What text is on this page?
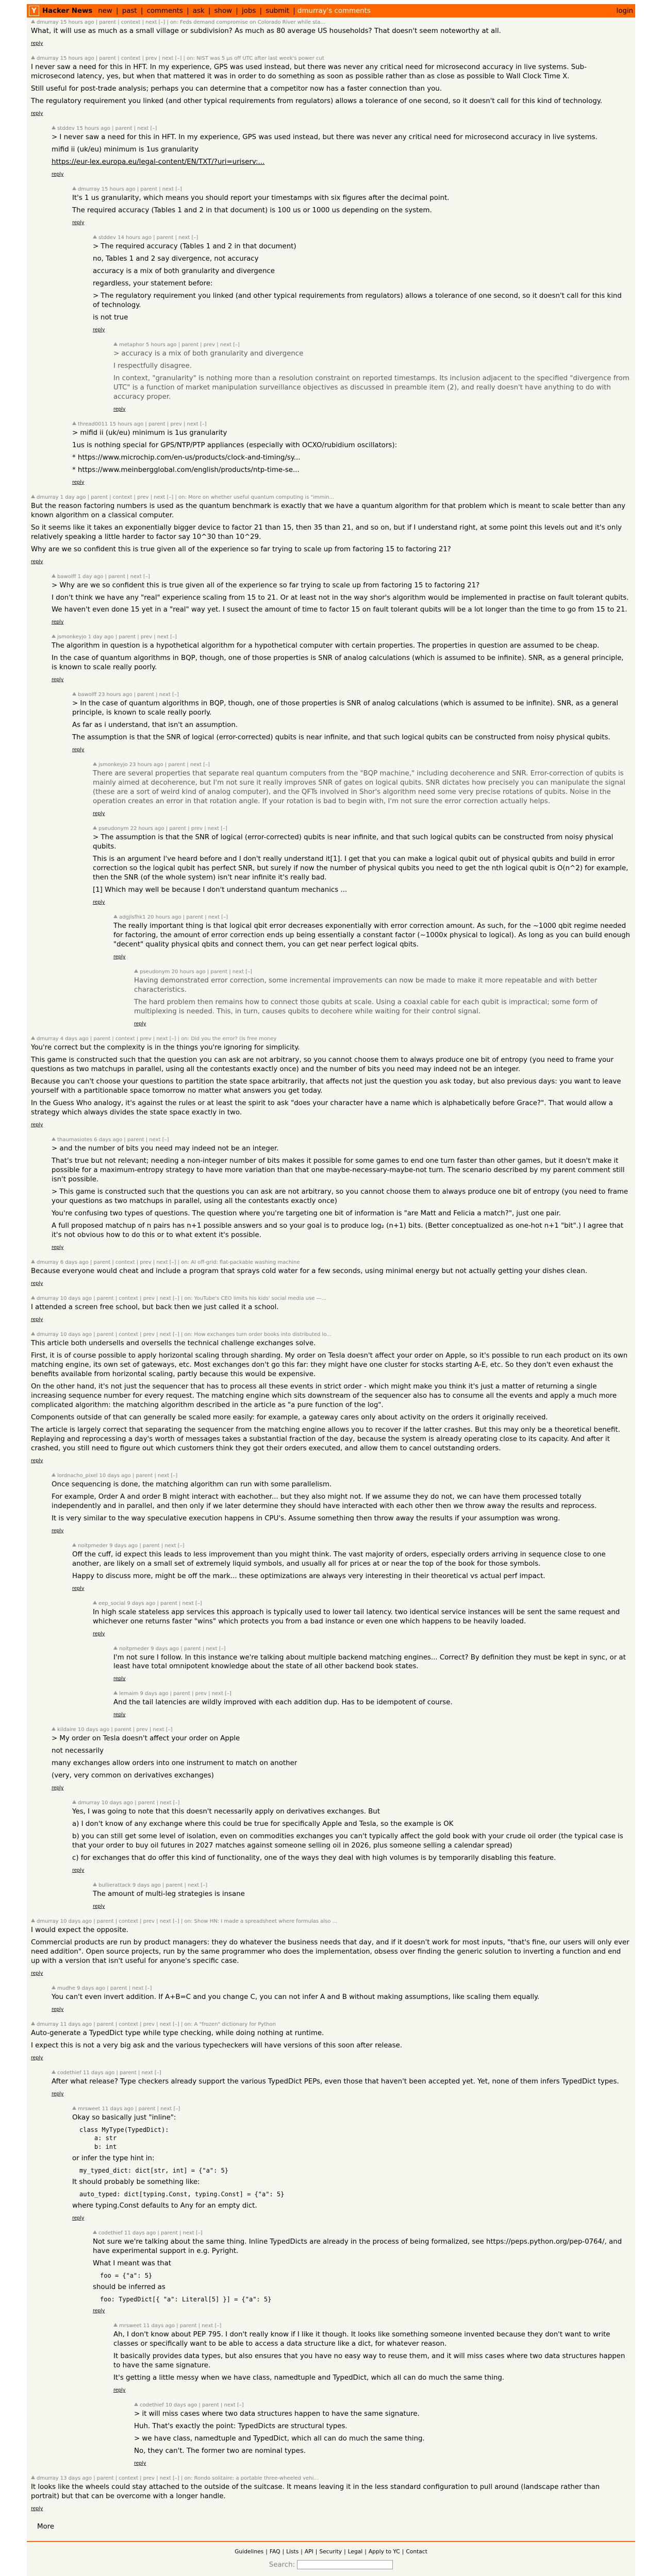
Y Hacker News new | past | comments | ask | show | jobs | submit | dmurray's comments	login
dmurray 15 hours ago | parent | context | next [–] | on: Feds demand compromise on Colorado River while sta...

What, it will use as much as a small village or subdivision? As much as 80 average US households? That doesn't seem noteworthy at all.

reply
dmurray 15 hours ago | parent | context | prev | next [–] | on: NIST was 5 µs off UTC after last week's power cut

I never saw a need for this in HFT. In my experience, GPS was used instead, but there was never any critical need for microsecond accuracy in live systems. Sub-microsecond latency, yes, but when that mattered it was in order to do something as soon as possible rather than as close as possible to Wall Clock Time X.

Still useful for post-trade analysis; perhaps you can determine that a competitor now has a faster connection than you.

The regulatory requirement you linked (and other typical requirements from regulators) allows a tolerance of one second, so it doesn't call for this kind of technology.

reply
stddev 15 hours ago | parent | next [–]

> I never saw a need for this in HFT. In my experience, GPS was used instead, but there was never any critical need for microsecond accuracy in live systems.

mifid ii (uk/eu) minimum is 1us granularity

https://eur-lex.europa.eu/legal-content/EN/TXT/?uri=uriserv:...

reply
dmurray 15 hours ago | parent | next [–]

It's 1 us granularity, which means you should report your timestamps with six figures after the decimal point.

The required accuracy (Tables 1 and 2 in that document) is 100 us or 1000 us depending on the system.

reply
stddev 14 hours ago | parent | next [–]

> The required accuracy (Tables 1 and 2 in that document)

no, Tables 1 and 2 say divergence, not accuracy

accuracy is a mix of both granularity and divergence

regardless, your statement before:

> The regulatory requirement you linked (and other typical requirements from regulators) allows a tolerance of one second, so it doesn't call for this kind of technology.

is not true

reply
metaphor 5 hours ago | parent | prev | next [–]

> accuracy is a mix of both granularity and divergence

I respectfully disagree.

In context, "granularity" is nothing more than a resolution constraint on reported timestamps. Its inclusion adjacent to the specified "divergence from UTC" is a function of market manipulation surveillance objectives as discussed in preamble item (2), and really doesn't have anything to do with accuracy proper.

reply
thread0011 15 hours ago | parent | prev | next [–]

> mifid ii (uk/eu) minimum is 1us granularity

1us is nothing special for GPS/NTP/PTP appliances (especially with OCXO/rubidium oscillators):

* https://www.microchip.com/en-us/products/clock-and-timing/sy...

* https://www.meinbergglobal.com/english/products/ntp-time-se...

reply
dmurray 1 day ago | parent | context | prev | next [–] | on: More on whether useful quantum computing is "immin...

But the reason factoring numbers is used as the quantum benchmark is exactly that we have a quantum algorithm for that problem which is meant to scale better than any known algorithm on a classical computer.

So it seems like it takes an exponentially bigger device to factor 21 than 15, then 35 than 21, and so on, but if I understand right, at some point this levels out and it's only relatively speaking a little harder to factor say 10^30 than 10^29.

Why are we so confident this is true given all of the experience so far trying to scale up from factoring 15 to factoring 21?

reply
bawolff 1 day ago | parent | next [–]

> Why are we so confident this is true given all of the experience so far trying to scale up from factoring 15 to factoring 21?

I don't think we have any "real" experience scaling from 15 to 21. Or at least not in the way shor's algorithm would be implemented in practise on fault tolerant qubits.

We haven't even done 15 yet in a "real" way yet. I susect the amount of time to factor 15 on fault tolerant qubits will be a lot longer than the time to go from 15 to 21.

reply
jsmonkeyjo 1 day ago | parent | prev | next [–]

The algorithm in question is a hypothetical algorithm for a hypothetical computer with certain properties. The properties in question are assumed to be cheap.

In the case of quantum algorithms in BQP, though, one of those properties is SNR of analog calculations (which is assumed to be infinite). SNR, as a general principle, is known to scale really poorly.

reply
bawolff 23 hours ago | parent | next [–]

> In the case of quantum algorithms in BQP, though, one of those properties is SNR of analog calculations (which is assumed to be infinite). SNR, as a general principle, is known to scale really poorly.

As far as i understand, that isn't an assumption.

The assumption is that the SNR of logical (error-corrected) qubits is near infinite, and that such logical qubits can be constructed from noisy physical qubits.

reply
jsmonkeyjo 23 hours ago | parent | next [–]

There are several properties that separate real quantum computers from the "BQP machine," including decoherence and SNR. Error-correction of qubits is mainly aimed at decoherence, but I'm not sure it really improves SNR of gates on logical qubits. SNR dictates how precisely you can manipulate the signal (these are a sort of weird kind of analog computer), and the QFTs involved in Shor's algorithm need some very precise rotations of qubits. Noise in the operation creates an error in that rotation angle. If your rotation is bad to begin with, I'm not sure the error correction actually helps.

reply
pseudonym 22 hours ago | parent | prev | next [–]

> The assumption is that the SNR of logical (error-corrected) qubits is near infinite, and that such logical qubits can be constructed from noisy physical qubits.

This is an argument I've heard before and I don't really understand it[1]. I get that you can make a logical qubit out of physical qubits and build in error correction so the logical qubit has perfect SNR, but surely if now the number of physical qubits you need to get the nth logical qubit is O(n^2) for example, then the SNR (of the whole system) isn't near infinite it's really bad.

[1] Which may well be because I don't understand quantum mechanics ...

reply
adgjlsfhk1 20 hours ago | parent | next [–]

The really important thing is that logical qbit error decreases exponentially with error correction amount. As such, for the ~1000 qbit regime needed for factoring, the amount of error correction ends up being essentially a constant factor (~1000x physical to logical). As long as you can build enough "decent" quality physical qbits and connect them, you can get near perfect logical qbits.

reply
pseudonym 20 hours ago | parent | next [–]

Having demonstrated error correction, some incremental improvements can now be made to make it more repeatable and with better characteristics.

The hard problem then remains how to connect those qubits at scale. Using a coaxial cable for each qubit is impractical; some form of multiplexing is needed. This, in turn, causes qubits to decohere while waiting for their control signal.

reply
dmurray 4 days ago | parent | context | prev | next [–] | on: Did you the error? (Is free money

You're correct but the complexity is in the things you're ignoring for simplicity.

This game is constructed such that the question you can ask are not arbitrary, so you cannot choose them to always produce one bit of entropy (you need to frame your questions as two matchups in parallel, using all the contestants exactly once) and the number of bits you need may indeed not be an integer.

Because you can't choose your questions to partition the state space arbitrarily, that affects not just the question you ask today, but also previous days: you want to leave yourself with a partitionable space tomorrow no matter what answers you get today.

In the Guess Who analogy, it's against the rules or at least the spirit to ask "does your character have a name which is alphabetically before Grace?". That would allow a strategy which always divides the state space exactly in two.

reply
thaumasiotes 6 days ago | parent | next [–]

> and the number of bits you need may indeed not be an integer.

That's true but not relevant; needing a non-integer number of bits makes it possible for some games to end one turn faster than other games, but it doesn't make it possible for a maximum-entropy strategy to have more variation than that one maybe-necessary-maybe-not turn. The scenario described by my parent comment still isn't possible.

> This game is constructed such that the questions you can ask are not arbitrary, so you cannot choose them to always produce one bit of entropy (you need to frame your questions as two matchups in parallel, using all the contestants exactly once)

You're confusing two types of questions. The question where you're targeting one bit of information is "are Matt and Felicia a match?", just one pair.

A full proposed matchup of n pairs has n+1 possible answers and so your goal is to produce log₂ (n+1) bits. (Better conceptualized as one-hot n+1 "bit".) I agree that it's not obvious how to do this or to what extent it's possible.

reply
dmurray 6 days ago | parent | context | prev | next [–] | on: AI off-grid: flat-packable washing machine

Because everyone would cheat and include a program that sprays cold water for a few seconds, using minimal energy but not actually getting your dishes clean.

reply
dmurray 10 days ago | parent | context | prev | next [–] | on: YouTube's CEO limits his kids' social media use —...

I attended a screen free school, but back then we just called it a school.

reply
dmurray 10 days ago | parent | context | prev | next [–] | on: How exchanges turn order books into distributed lo...

This article both undersells and oversells the technical challenge exchanges solve.

First, it is of course possible to apply horizontal scaling through sharding. My order on Tesla doesn't affect your order on Apple, so it's possible to run each product on its own matching engine, its own set of gateways, etc. Most exchanges don't go this far: they might have one cluster for stocks starting A-E, etc. So they don't even exhaust the benefits available from horizontal scaling, partly because this would be expensive.

On the other hand, it's not just the sequencer that has to process all these events in strict order - which might make you think it's just a matter of returning a single increasing sequence number for every request. The matching engine which sits downstream of the sequencer also has to consume all the events and apply a much more complicated algorithm: the matching algorithm described in the article as "a pure function of the log".

Components outside of that can generally be scaled more easily: for example, a gateway cares only about activity on the orders it originally received.

The article is largely correct that separating the sequencer from the matching engine allows you to recover if the latter crashes. But this may only be a theoretical benefit. Replaying and reprocessing a day's worth of messages takes a substantial fraction of the day, because the system is already operating close to its capacity. And after it crashed, you still need to figure out which customers think they got their orders executed, and allow them to cancel outstanding orders.

reply
lordnacho_pixel 10 days ago | parent | next [–]

Once sequencing is done, the matching algorithm can run with some parallelism.

For example, Order A and order B might interact with eachother... but they also might not. If we assume they do not, we can have them processed totally independently and in parallel, and then only if we later determine they should have interacted with each other then we throw away the results and reprocess.

It is very similar to the way speculative execution happens in CPU's. Assume something then throw away the results if your assumption was wrong.

reply
noitpmeder 9 days ago | parent | next [–]

Off the cuff, id expect this leads to less improvement than you might think. The vast majority of orders, especially orders arriving in sequence close to one another, are likely on a small set of extremely liquid symbols, and usually all for prices at or near the top of the book for those symbols.

Happy to discuss more, might be off the mark... these optimizations are always very interesting in their theoretical vs actual perf impact.

reply
eep_social 9 days ago | parent | next [–]

In high scale stateless app services this approach is typically used to lower tail latency. two identical service instances will be sent the same request and whichever one returns faster "wins" which protects you from a bad instance or even one which happens to be heavily loaded.

reply
noitpmeder 9 days ago | parent | next [–]

I'm not sure I follow. In this instance we're talking about multiple backend matching engines... Correct? By definition they must be kept in sync, or at least have total omnipotent knowledge about the state of all other backend book states.

reply
lemaim 9 days ago | parent | prev | next [–]

And the tail latencies are wildly improved with each addition dup. Has to be idempotent of course.

reply
kildaire 10 days ago | parent | prev | next [–]

> My order on Tesla doesn't affect your order on Apple

not necessarily

many exchanges allow orders into one instrument to match on another

(very, very common on derivatives exchanges)

reply
dmurray 10 days ago | parent | next [–]

Yes, I was going to note that this doesn't necessarily apply on derivatives exchanges. But

a) I don't know of any exchange where this could be true for specifically Apple and Tesla, so the example is OK

b) you can still get some level of isolation, even on commodities exchanges you can't typically affect the gold book with your crude oil order (the typical case is that your order to buy oil futures in 2027 matches against someone selling oil in 2026, plus someone selling a calendar spread)

c) for exchanges that do offer this kind of functionality, one of the ways they deal with high volumes is by temporarily disabling this feature.

reply
bullierattack 9 days ago | parent | next [–]

The amount of multi-leg strategies is insane

reply
dmurray 10 days ago | parent | context | prev | next [–] | on: Show HN: I made a spreadsheet where formulas also ...

I would expect the opposite.

Commercial products are run by product managers: they do whatever the business needs that day, and if it doesn't work for most inputs, "that's fine, our users will only ever need addition". Open source projects, run by the same programmer who does the implementation, obsess over finding the generic solution to inverting a function and end up with a version that isn't useful for anyone's specific case.

reply
mudhe 9 days ago | parent | next [–]

You can't even invert addition. If A+B=C and you change C, you can not infer A and B without making assumptions, like scaling them equally.

reply
dmurray 11 days ago | parent | context | prev | next [–] | on: A "frozen" dictionary for Python

Auto-generate a TypedDict type while type checking, while doing nothing at runtime.

I expect this is not a very big ask and the various typecheckers will have versions of this soon after release.

reply
codethief 11 days ago | parent | next [–]

After what release? Type checkers already support the various TypedDict PEPs, even those that haven't been accepted yet. Yet, none of them infers TypedDict types.

reply
mrsweet 11 days ago | parent | next [–]

Okay so basically just "inline":

class MyType(TypedDict):
a: str
b: int

or infer the type hint in:

my_typed_dict: dict[str, int] = {"a": 5}

It should probably be something like:

auto_typed: dict[typing.Const, typing.Const] = {"a": 5}

where typing.Const defaults to Any for an empty dict.

reply
codethief 11 days ago | parent | next [–]

Not sure we're talking about the same thing. Inline TypedDicts are already in the process of being formalized, see https://peps.python.org/pep-0764/, and have experimental support in e.g. Pyright.

What I meant was that

foo = {"a": 5}

should be inferred as

foo: TypedDict[{ "a": Literal[5] }] = {"a": 5}
reply
mrsweet 11 days ago | parent | next [–]

Ah, I don't know about PEP 795. I don't really know if I like it though. It looks like something someone invented because they don't want to write classes or specifically want to be able to access a data structure like a dict, for whatever reason.

It basically provides data types, but also ensures that you have no easy way to reuse them, and it will miss cases where two data structures happen to have the same signature.

It's getting a little messy when we have class, namedtuple and TypedDict, which all can do much the same thing.

reply
codethief 10 days ago | parent | next [–]

> it will miss cases where two data structures happen to have the same signature.

Huh. That's exactly the point: TypedDicts are structural types.

> we have class, namedtuple and TypedDict, which all can do much the same thing.

No, they can't. The former two are nominal types.

reply
dmurray 13 days ago | parent | context | prev | next [–] | on: Rondo solitaire: a portable three-wheeled vehi...

It looks like the wheels could stay attached to the outside of the suitcase. It means leaving it in the less standard configuration to pull around (landscape rather than portrait) but that can be overcome with a longer handle.

reply
More
Guidelines | FAQ | Lists | API | Security | Legal | Apply to YC | Contact
Search:
